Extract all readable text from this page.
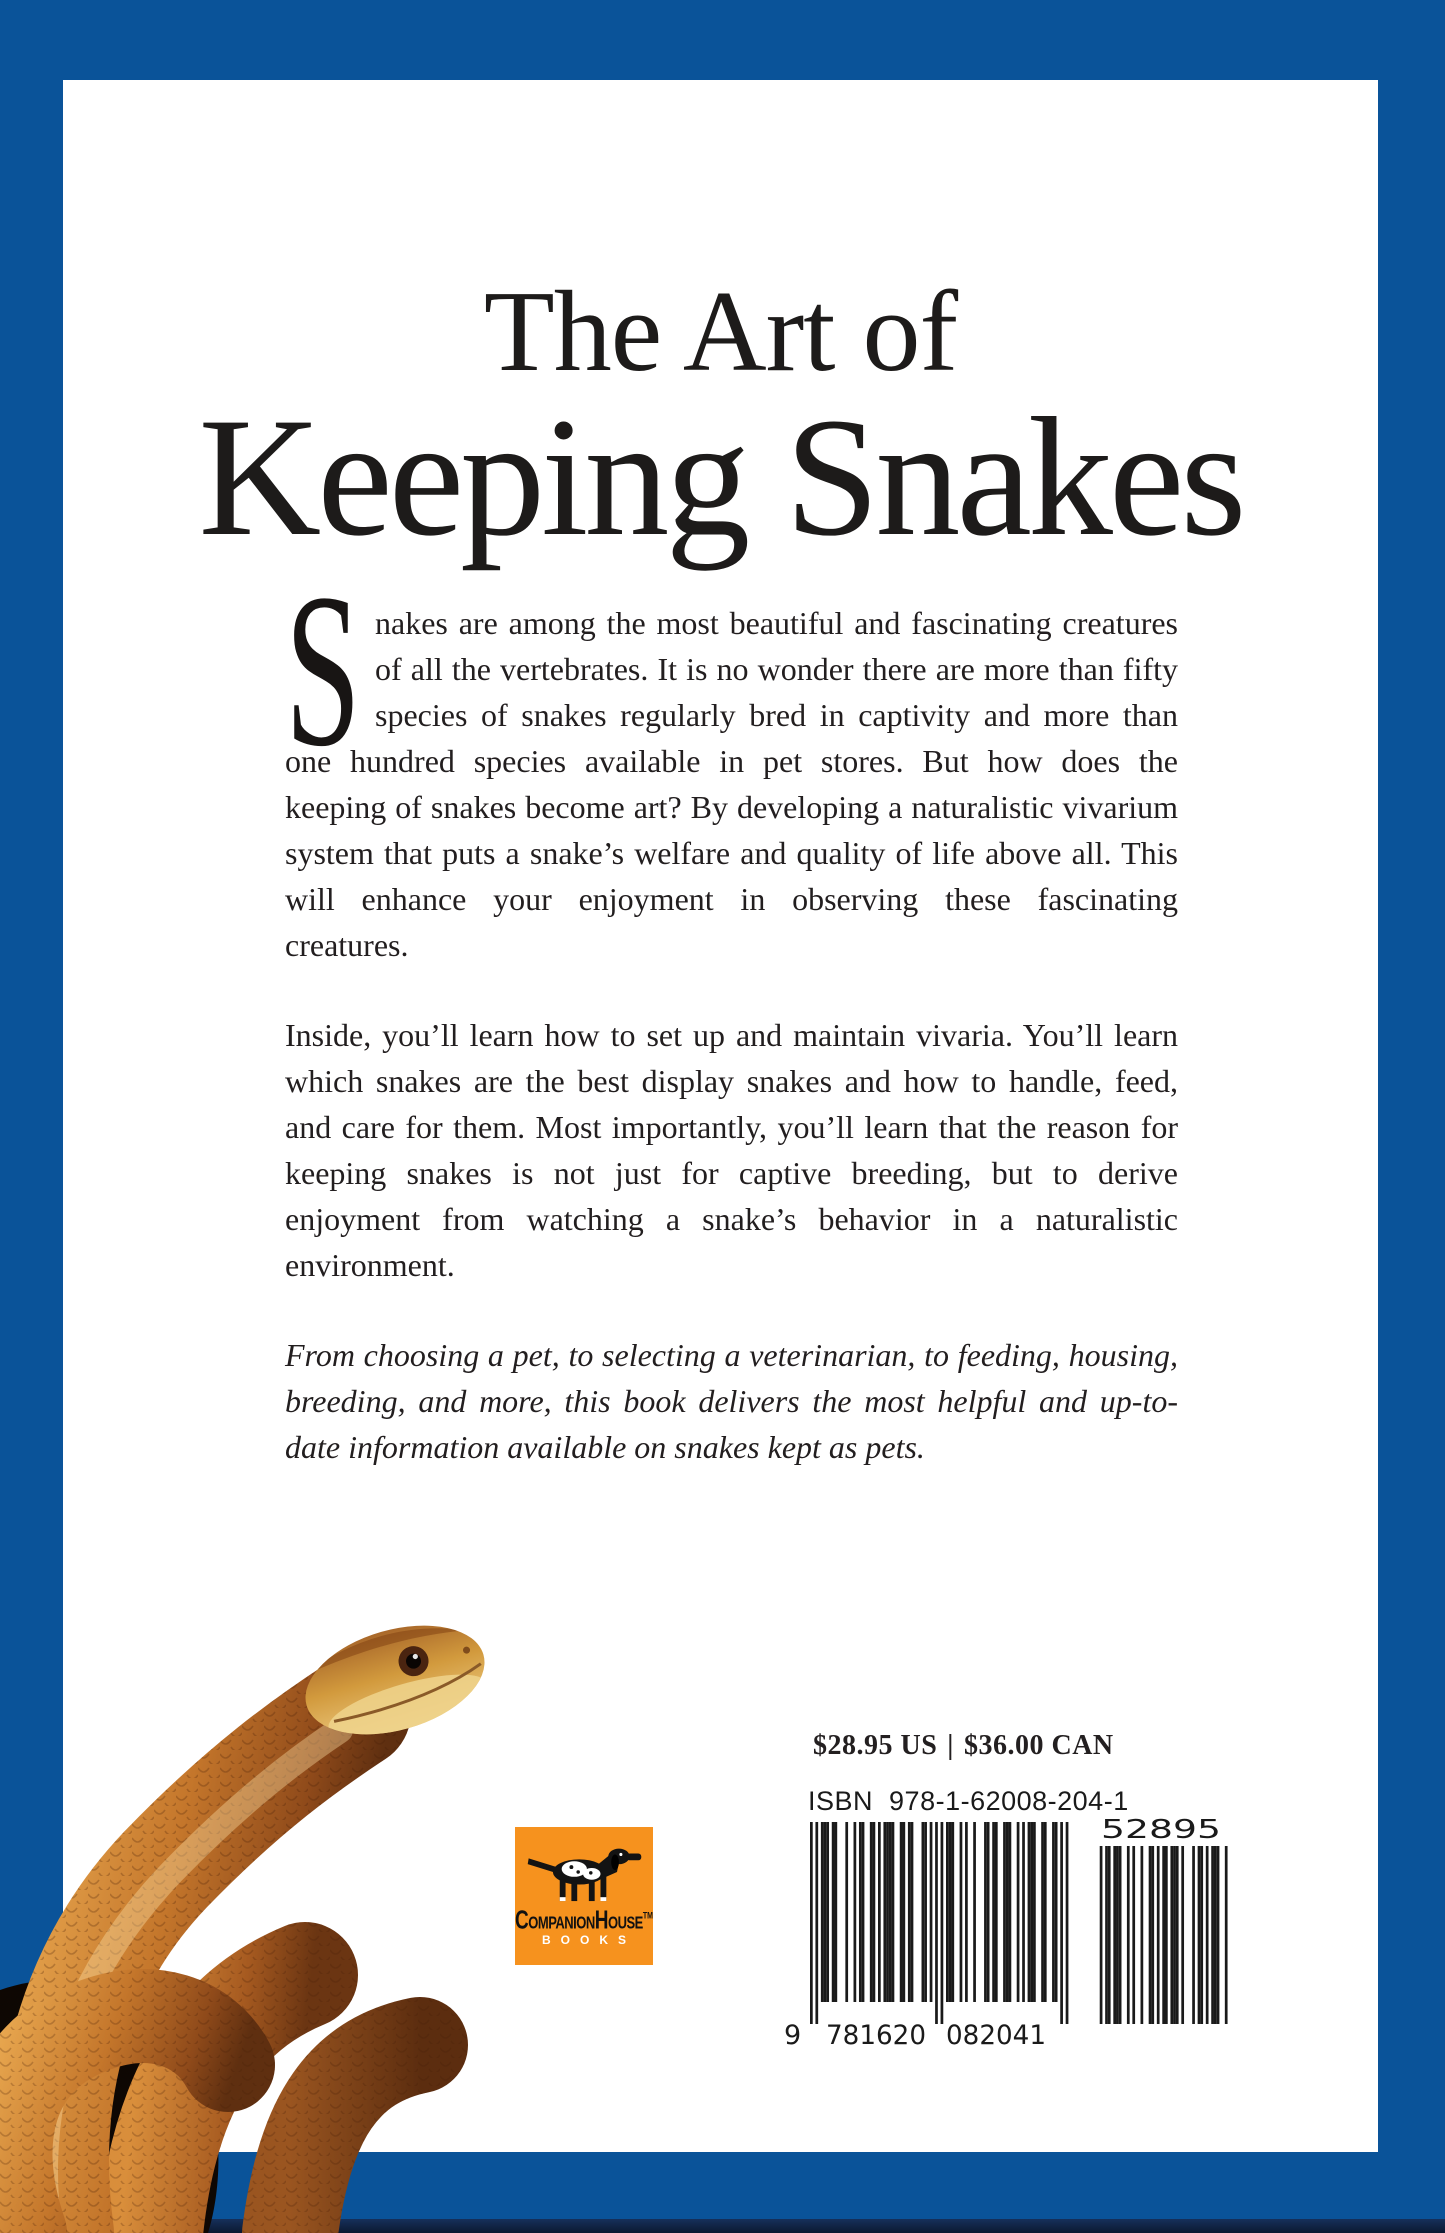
The Art of
Keeping Snakes

Snakes are among the most beautiful and fascinating creatures of all the vertebrates. It is no wonder there are more than fifty species of snakes regularly bred in captivity and more than one hundred species available in pet stores. But how does the keeping of snakes become art? By developing a naturalistic vivarium system that puts a snake’s welfare and quality of life above all. This will enhance your enjoyment in observing these fascinating creatures.

Inside, you’ll learn how to set up and maintain vivaria. You’ll learn which snakes are the best display snakes and how to handle, feed, and care for them. Most importantly, you’ll learn that the reason for keeping snakes is not just for captive breeding, but to derive enjoyment from watching a snake’s behavior in a naturalistic environment.

From choosing a pet, to selecting a veterinarian, to feeding, housing, breeding, and more, this book delivers the most helpful and up-to-date information available on snakes kept as pets.

$28.95 US | $36.00 CAN
ISBN 978-1-62008-204-1
9 781620 082041
52895
CompanionHouse™
BOOKS
